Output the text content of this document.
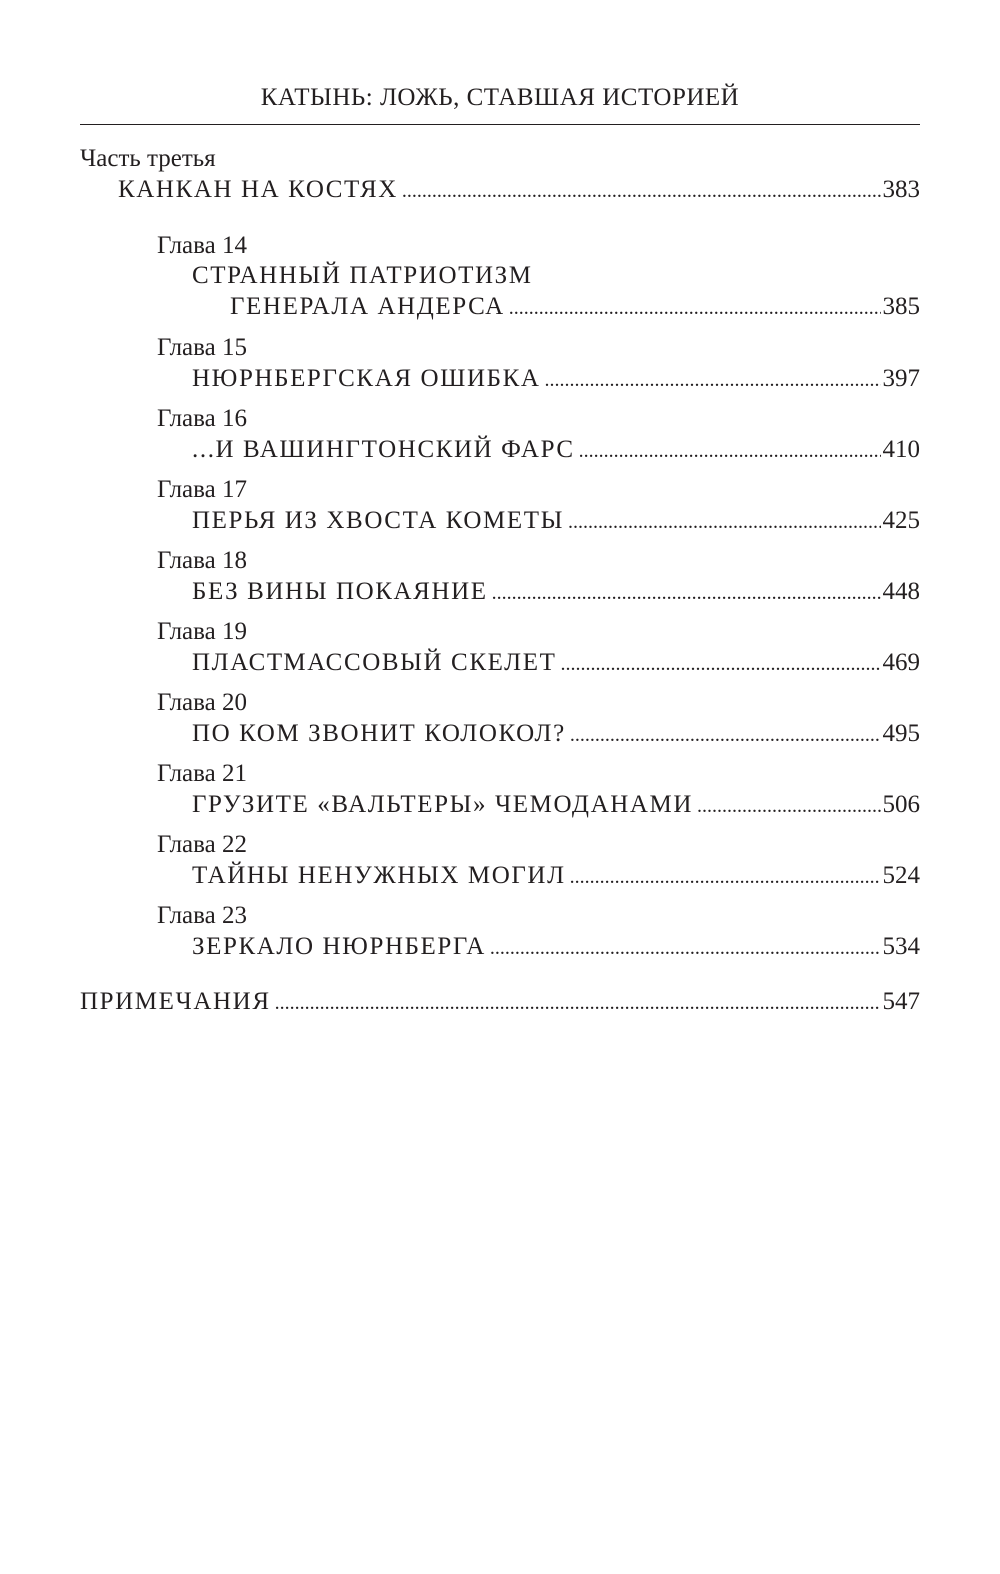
КАТЫНЬ: ЛОЖЬ, СТАВШАЯ ИСТОРИЕЙ
Часть третья
КАНКАН НА КОСТЯХ .....	383
Глава 14
СТРАННЫЙ ПАТРИОТИЗМ
ГЕНЕРАЛА АНДЕРСА .....	385
Глава 15
НЮРНБЕРГСКАЯ ОШИБКА .....	397
Глава 16
...И ВАШИНГТОНСКИЙ ФАРС .....	410
Глава 17
ПЕРЬЯ ИЗ ХВОСТА КОМЕТЫ .....	425
Глава 18
БЕЗ ВИНЫ ПОКАЯНИЕ .....	448
Глава 19
ПЛАСТМАССОВЫЙ СКЕЛЕТ .....	469
Глава 20
ПО КОМ ЗВОНИТ КОЛОКОЛ? .....	495
Глава 21
ГРУЗИТЕ «ВАЛЬТЕРЫ» ЧЕМОДАНАМИ .....	506
Глава 22
ТАЙНЫ НЕНУЖНЫХ МОГИЛ .....	524
Глава 23
ЗЕРКАЛО НЮРНБЕРГА .....	534
ПРИМЕЧАНИЯ .....	547
